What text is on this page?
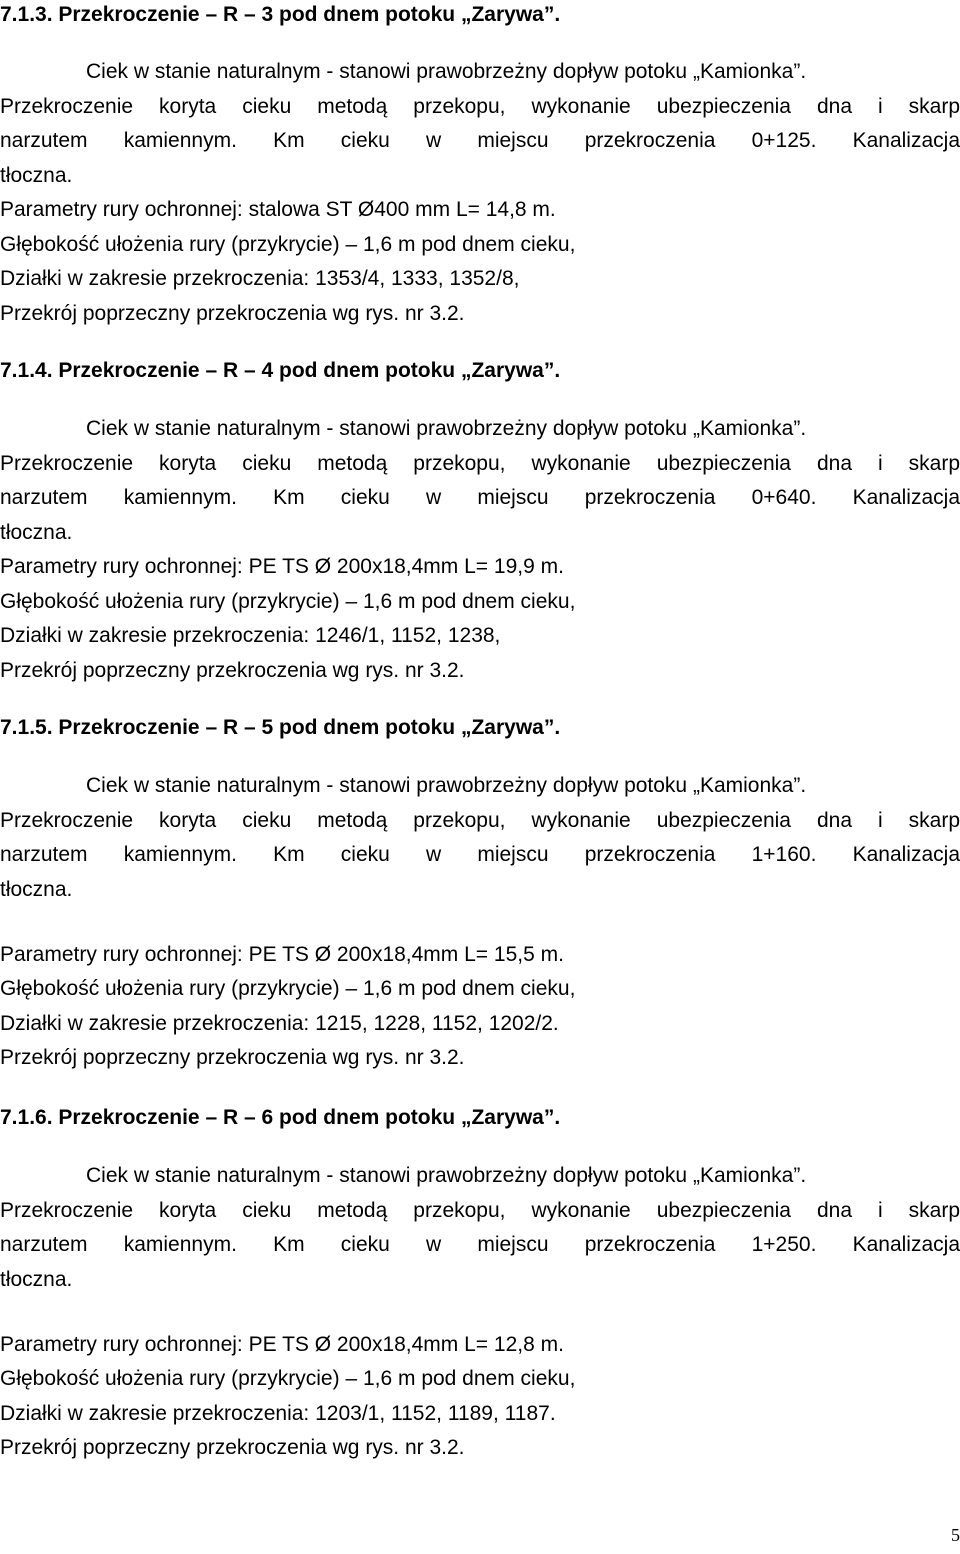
7.1.3. Przekroczenie – R – 3 pod dnem potoku „Zarywa”.
Ciek w stanie naturalnym - stanowi prawobrzeżny dopływ potoku „Kamionka”.
Przekroczenie koryta cieku metodą przekopu, wykonanie ubezpieczenia dna i skarp
narzutem kamiennym. Km cieku w miejscu przekroczenia 0+125. Kanalizacja
tłoczna.
Parametry rury ochronnej: stalowa ST Ø400 mm L= 14,8 m.
Głębokość ułożenia rury (przykrycie) – 1,6 m pod dnem cieku,
Działki w zakresie przekroczenia: 1353/4, 1333, 1352/8,
Przekrój poprzeczny przekroczenia wg rys. nr 3.2.
7.1.4. Przekroczenie – R – 4 pod dnem potoku „Zarywa”.
Ciek w stanie naturalnym - stanowi prawobrzeżny dopływ potoku „Kamionka”.
Przekroczenie koryta cieku metodą przekopu, wykonanie ubezpieczenia dna i skarp
narzutem kamiennym. Km cieku w miejscu przekroczenia 0+640. Kanalizacja
tłoczna.
Parametry rury ochronnej: PE TS Ø 200x18,4mm L= 19,9 m.
Głębokość ułożenia rury (przykrycie) – 1,6 m pod dnem cieku,
Działki w zakresie przekroczenia: 1246/1, 1152, 1238,
Przekrój poprzeczny przekroczenia wg rys. nr 3.2.
7.1.5. Przekroczenie – R – 5 pod dnem potoku „Zarywa”.
Ciek w stanie naturalnym - stanowi prawobrzeżny dopływ potoku „Kamionka”.
Przekroczenie koryta cieku metodą przekopu, wykonanie ubezpieczenia dna i skarp
narzutem kamiennym. Km cieku w miejscu przekroczenia 1+160. Kanalizacja
tłoczna.
Parametry rury ochronnej: PE TS Ø 200x18,4mm L= 15,5 m.
Głębokość ułożenia rury (przykrycie) – 1,6 m pod dnem cieku,
Działki w zakresie przekroczenia: 1215, 1228, 1152, 1202/2.
Przekrój poprzeczny przekroczenia wg rys. nr 3.2.
7.1.6. Przekroczenie – R – 6 pod dnem potoku „Zarywa”.
Ciek w stanie naturalnym - stanowi prawobrzeżny dopływ potoku „Kamionka”.
Przekroczenie koryta cieku metodą przekopu, wykonanie ubezpieczenia dna i skarp
narzutem kamiennym. Km cieku w miejscu przekroczenia 1+250. Kanalizacja
tłoczna.
Parametry rury ochronnej: PE TS Ø 200x18,4mm L= 12,8 m.
Głębokość ułożenia rury (przykrycie) – 1,6 m pod dnem cieku,
Działki w zakresie przekroczenia: 1203/1, 1152, 1189, 1187.
Przekrój poprzeczny przekroczenia wg rys. nr 3.2.
5
